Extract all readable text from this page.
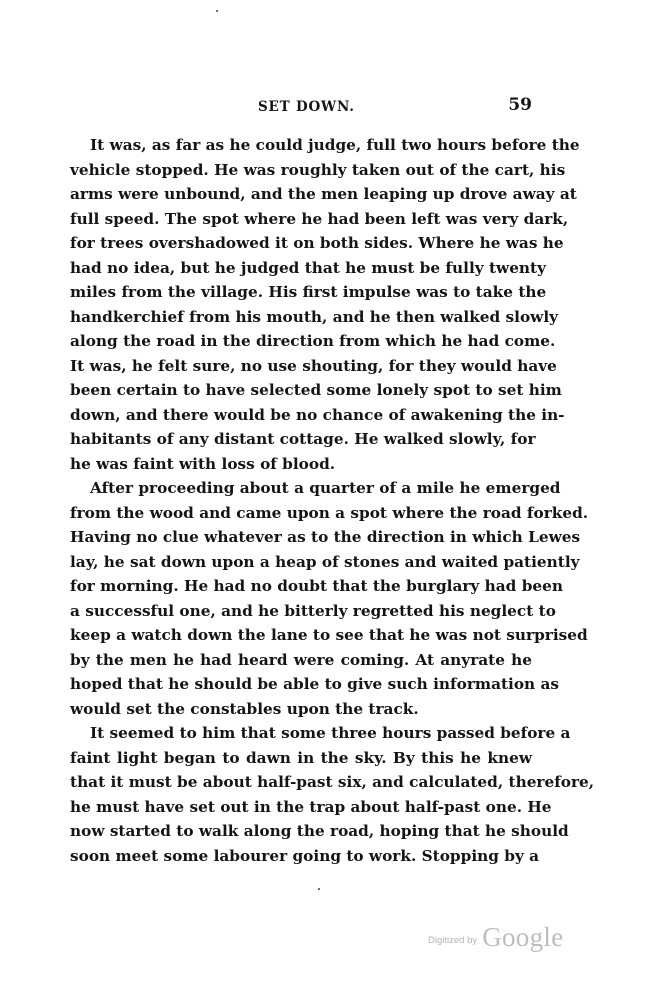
SET DOWN.	59
It was, as far as he could judge, full two hours before the
vehicle stopped. He was roughly taken out of the cart, his
arms were unbound, and the men leaping up drove away at
full speed. The spot where he had been left was very dark,
for trees overshadowed it on both sides. Where he was he
had no idea, but he judged that he must be fully twenty
miles from the village. His first impulse was to take the
handkerchief from his mouth, and he then walked slowly
along the road in the direction from which he had come.
It was, he felt sure, no use shouting, for they would have
been certain to have selected some lonely spot to set him
down, and there would be no chance of awakening the in-
habitants of any distant cottage. He walked slowly, for
he was faint with loss of blood.
After proceeding about a quarter of a mile he emerged
from the wood and came upon a spot where the road forked.
Having no clue whatever as to the direction in which Lewes
lay, he sat down upon a heap of stones and waited patiently
for morning. He had no doubt that the burglary had been
a successful one, and he bitterly regretted his neglect to
keep a watch down the lane to see that he was not surprised
by the men he had heard were coming. At anyrate he
hoped that he should be able to give such information as
would set the constables upon the track.
It seemed to him that some three hours passed before a
faint light began to dawn in the sky. By this he knew
that it must be about half-past six, and calculated, therefore,
he must have set out in the trap about half-past one. He
now started to walk along the road, hoping that he should
soon meet some labourer going to work. Stopping by a
Digitized by Google
